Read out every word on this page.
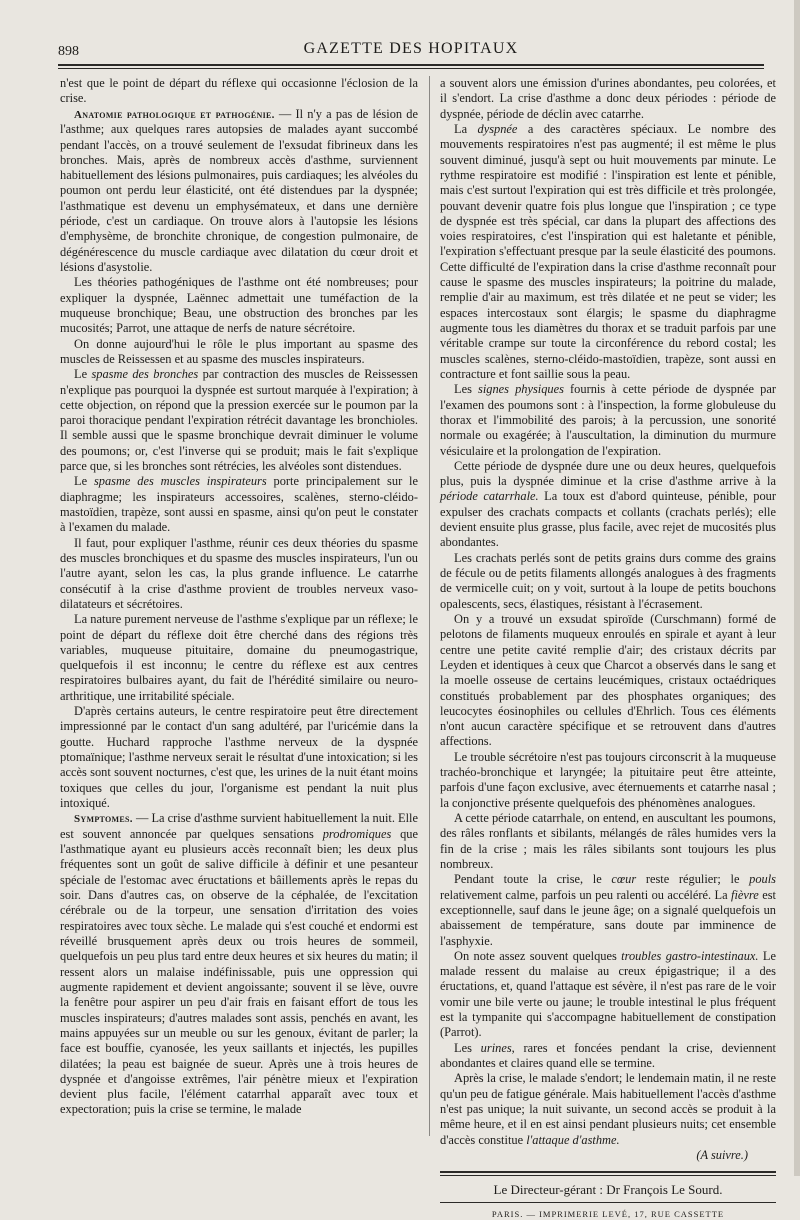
898	GAZETTE DES HOPITAUX

n'est que le point de départ du réflexe qui occasionne l'éclosion de la crise.

Anatomie pathologique et pathogénie. — Il n'y a pas de lésion de l'asthme; aux quelques rares autopsies de malades ayant succombé pendant l'accès, on a trouvé seulement de l'exsudat fibrineux dans les bronches. Mais, après de nombreux accès d'asthme, surviennent habituellement des lésions pulmonaires, puis cardiaques; les alvéoles du poumon ont perdu leur élasticité, ont été distendues par la dyspnée; l'asthmatique est devenu un emphysémateux, et dans une dernière période, c'est un cardiaque. On trouve alors à l'autopsie les lésions d'emphysème, de bronchite chronique, de congestion pulmonaire, de dégénérescence du muscle cardiaque avec dilatation du cœur droit et lésions d'asystolie.

Les théories pathogéniques de l'asthme ont été nombreuses; pour expliquer la dyspnée, Laënnec admettait une tuméfaction de la muqueuse bronchique; Beau, une obstruction des bronches par les mucosités; Parrot, une attaque de nerfs de nature sécrétoire.

On donne aujourd'hui le rôle le plus important au spasme des muscles de Reissessen et au spasme des muscles inspirateurs.

Le spasme des bronches par contraction des muscles de Reissessen n'explique pas pourquoi la dyspnée est surtout marquée à l'expiration; à cette objection, on répond que la pression exercée sur le poumon par la paroi thoracique pendant l'expiration rétrécit davantage les bronchioles. Il semble aussi que le spasme bronchique devrait diminuer le volume des poumons; or, c'est l'inverse qui se produit; mais le fait s'explique parce que, si les bronches sont rétrécies, les alvéoles sont distendues.

Le spasme des muscles inspirateurs porte principalement sur le diaphragme; les inspirateurs accessoires, scalènes, sterno-cléido-mastoïdien, trapèze, sont aussi en spasme, ainsi qu'on peut le constater à l'examen du malade.

Il faut, pour expliquer l'asthme, réunir ces deux théories du spasme des muscles bronchiques et du spasme des muscles inspirateurs, l'un ou l'autre ayant, selon les cas, la plus grande influence. Le catarrhe consécutif à la crise d'asthme provient de troubles nerveux vaso-dilatateurs et sécrétoires.

La nature purement nerveuse de l'asthme s'explique par un réflexe; le point de départ du réflexe doit être cherché dans des régions très variables, muqueuse pituitaire, domaine du pneumogastrique, quelquefois il est inconnu; le centre du réflexe est aux centres respiratoires bulbaires ayant, du fait de l'hérédité similaire ou neuro-arthritique, une irritabilité spéciale.

D'après certains auteurs, le centre respiratoire peut être directement impressionné par le contact d'un sang adultéré, par l'uricémie dans la goutte. Huchard rapproche l'asthme nerveux de la dyspnée ptomaïnique; l'asthme nerveux serait le résultat d'une intoxication; si les accès sont souvent nocturnes, c'est que, les urines de la nuit étant moins toxiques que celles du jour, l'organisme est pendant la nuit plus intoxiqué.

Symptomes. — La crise d'asthme survient habituellement la nuit. Elle est souvent annoncée par quelques sensations prodromiques que l'asthmatique ayant eu plusieurs accès reconnaît bien; les deux plus fréquentes sont un goût de salive difficile à définir et une pesanteur spéciale de l'estomac avec éructations et bâillements après le repas du soir. Dans d'autres cas, on observe de la céphalée, de l'excitation cérébrale ou de la torpeur, une sensation d'irritation des voies respiratoires avec toux sèche. Le malade qui s'est couché et endormi est réveillé brusquement après deux ou trois heures de sommeil, quelquefois un peu plus tard entre deux heures et six heures du matin; il ressent alors un malaise indéfinissable, puis une oppression qui augmente rapidement et devient angoissante; souvent il se lève, ouvre la fenêtre pour aspirer un peu d'air frais en faisant effort de tous les muscles inspirateurs; d'autres malades sont assis, penchés en avant, les mains appuyées sur un meuble ou sur les genoux, évitant de parler; la face est bouffie, cyanosée, les yeux saillants et injectés, les pupilles dilatées; la peau est baignée de sueur. Après une à trois heures de dyspnée et d'angoisse extrêmes, l'air pénètre mieux et l'expiration devient plus facile, l'élément catarrhal apparaît avec toux et expectoration; puis la crise se termine, le malade

a souvent alors une émission d'urines abondantes, peu colorées, et il s'endort. La crise d'asthme a donc deux périodes : période de dyspnée, période de déclin avec catarrhe.

La dyspnée a des caractères spéciaux. Le nombre des mouvements respiratoires n'est pas augmenté; il est même le plus souvent diminué, jusqu'à sept ou huit mouvements par minute. Le rythme respiratoire est modifié : l'inspiration est lente et pénible, mais c'est surtout l'expiration qui est très difficile et très prolongée, pouvant devenir quatre fois plus longue que l'inspiration ; ce type de dyspnée est très spécial, car dans la plupart des affections des voies respiratoires, c'est l'inspiration qui est haletante et pénible, l'expiration s'effectuant presque par la seule élasticité des poumons. Cette difficulté de l'expiration dans la crise d'asthme reconnaît pour cause le spasme des muscles inspirateurs; la poitrine du malade, remplie d'air au maximum, est très dilatée et ne peut se vider; les espaces intercostaux sont élargis; le spasme du diaphragme augmente tous les diamètres du thorax et se traduit parfois par une véritable crampe sur toute la circonférence du rebord costal; les muscles scalènes, sterno-cléido-mastoïdien, trapèze, sont aussi en contracture et font saillie sous la peau.

Les signes physiques fournis à cette période de dyspnée par l'examen des poumons sont : à l'inspection, la forme globuleuse du thorax et l'immobilité des parois; à la percussion, une sonorité normale ou exagérée; à l'auscultation, la diminution du murmure vésiculaire et la prolongation de l'expiration.

Cette période de dyspnée dure une ou deux heures, quelquefois plus, puis la dyspnée diminue et la crise d'asthme arrive à la période catarrhale. La toux est d'abord quinteuse, pénible, pour expulser des crachats compacts et collants (crachats perlés); elle devient ensuite plus grasse, plus facile, avec rejet de mucosités plus abondantes.

Les crachats perlés sont de petits grains durs comme des grains de fécule ou de petits filaments allongés analogues à des fragments de vermicelle cuit; on y voit, surtout à la loupe de petits bouchons opalescents, secs, élastiques, résistant à l'écrasement.

On y a trouvé un exsudat spiroïde (Curschmann) formé de pelotons de filaments muqueux enroulés en spirale et ayant à leur centre une petite cavité remplie d'air; des cristaux décrits par Leyden et identiques à ceux que Charcot a observés dans le sang et la moelle osseuse de certains leucémiques, cristaux octaédriques constitués probablement par des phosphates organiques; des leucocytes éosinophiles ou cellules d'Ehrlich. Tous ces éléments n'ont aucun caractère spécifique et se retrouvent dans d'autres affections.

Le trouble sécrétoire n'est pas toujours circonscrit à la muqueuse trachéo-bronchique et laryngée; la pituitaire peut être atteinte, parfois d'une façon exclusive, avec éternuements et catarrhe nasal ; la conjonctive présente quelquefois des phénomènes analogues.

A cette période catarrhale, on entend, en auscultant les poumons, des râles ronflants et sibilants, mélangés de râles humides vers la fin de la crise ; mais les râles sibilants sont toujours les plus nombreux.

Pendant toute la crise, le cœur reste régulier; le pouls relativement calme, parfois un peu ralenti ou accéléré. La fièvre est exceptionnelle, sauf dans le jeune âge; on a signalé quelquefois un abaissement de température, sans doute par imminence de l'asphyxie.

On note assez souvent quelques troubles gastro-intestinaux. Le malade ressent du malaise au creux épigastrique; il a des éructations, et, quand l'attaque est sévère, il n'est pas rare de le voir vomir une bile verte ou jaune; le trouble intestinal le plus fréquent est la tympanite qui s'accompagne habituellement de constipation (Parrot).

Les urines, rares et foncées pendant la crise, deviennent abondantes et claires quand elle se termine.

Après la crise, le malade s'endort; le lendemain matin, il ne reste qu'un peu de fatigue générale. Mais habituellement l'accès d'asthme n'est pas unique; la nuit suivante, un second accès se produit à la même heure, et il en est ainsi pendant plusieurs nuits; cet ensemble d'accès constitue l'attaque d'asthme.

(A suivre.)
Le Directeur-gérant : Dr François Le Sourd.
PARIS. — IMPRIMERIE LEVÉ, 17, RUE CASSETTE
